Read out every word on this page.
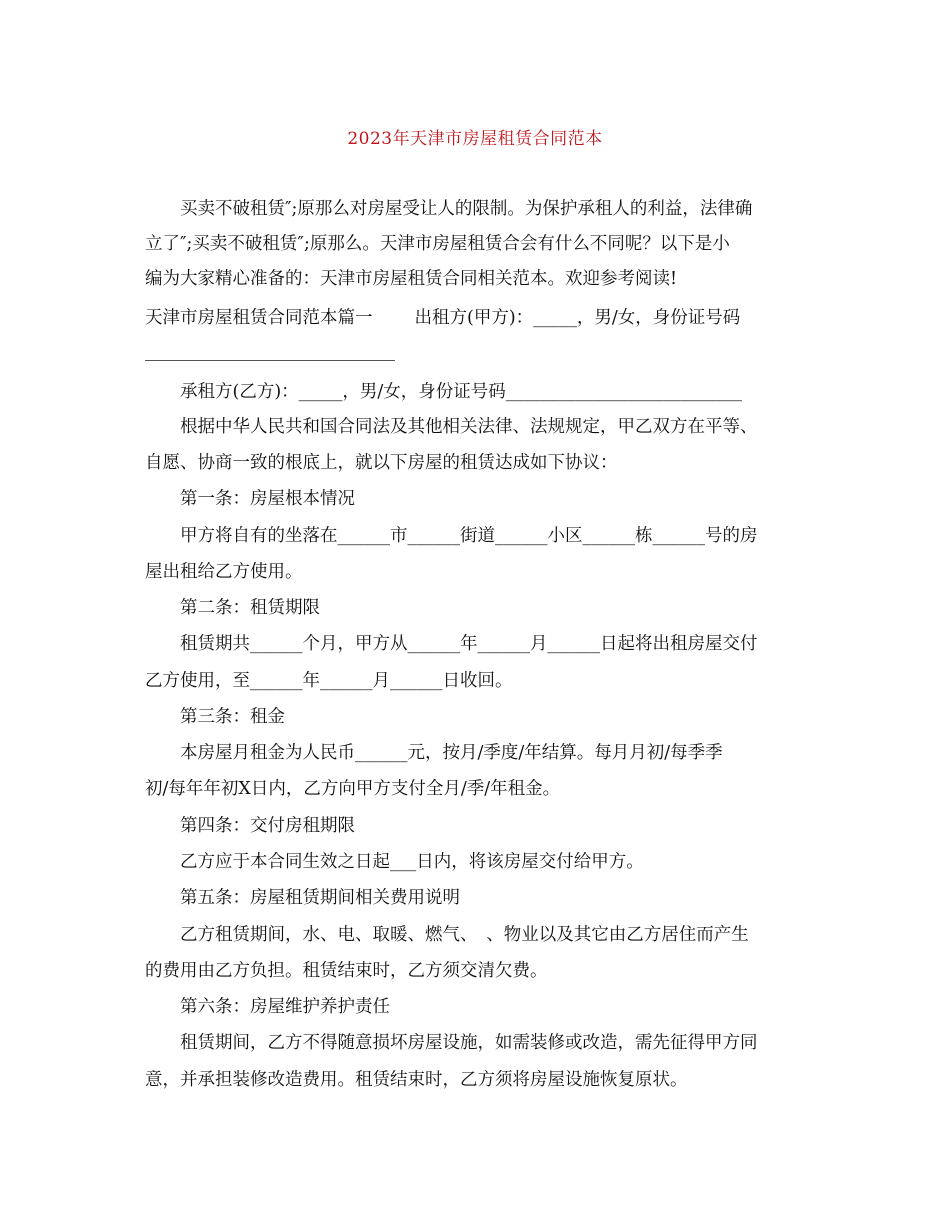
2023年天津市房屋租赁合同范本
买卖不破租赁″;原那么对房屋受让人的限制。为保护承租人的利益，法律确
立了″;买卖不破租赁″;原那么。天津市房屋租赁合会有什么不同呢？以下是小
编为大家精心准备的：天津市房屋租赁合同相关范本。欢迎参考阅读!
天津市房屋租赁合同范本篇一 出租方(甲方)：_____，男/女，身份证号码
承租方(乙方)：_____，男/女，身份证号码___________________________
根据中华人民共和国合同法及其他相关法律、法规规定，甲乙双方在平等、
自愿、协商一致的根底上，就以下房屋的租赁达成如下协议：
第一条：房屋根本情况
甲方将自有的坐落在______市______街道______小区______栋______号的房
屋出租给乙方使用。
第二条：租赁期限
租赁期共______个月，甲方从______年______月______日起将出租房屋交付
乙方使用，至______年______月______日收回。
第三条：租金
本房屋月租金为人民币______元，按月/季度/年结算。每月月初/每季季
初/每年年初X日内，乙方向甲方支付全月/季/年租金。
第四条：交付房租期限
乙方应于本合同生效之日起___日内，将该房屋交付给甲方。
第五条：房屋租赁期间相关费用说明
乙方租赁期间，水、电、取暖、燃气、　、物业以及其它由乙方居住而产生
的费用由乙方负担。租赁结束时，乙方须交清欠费。
第六条：房屋维护养护责任
租赁期间，乙方不得随意损坏房屋设施，如需装修或改造，需先征得甲方同
意，并承担装修改造费用。租赁结束时，乙方须将房屋设施恢复原状。
